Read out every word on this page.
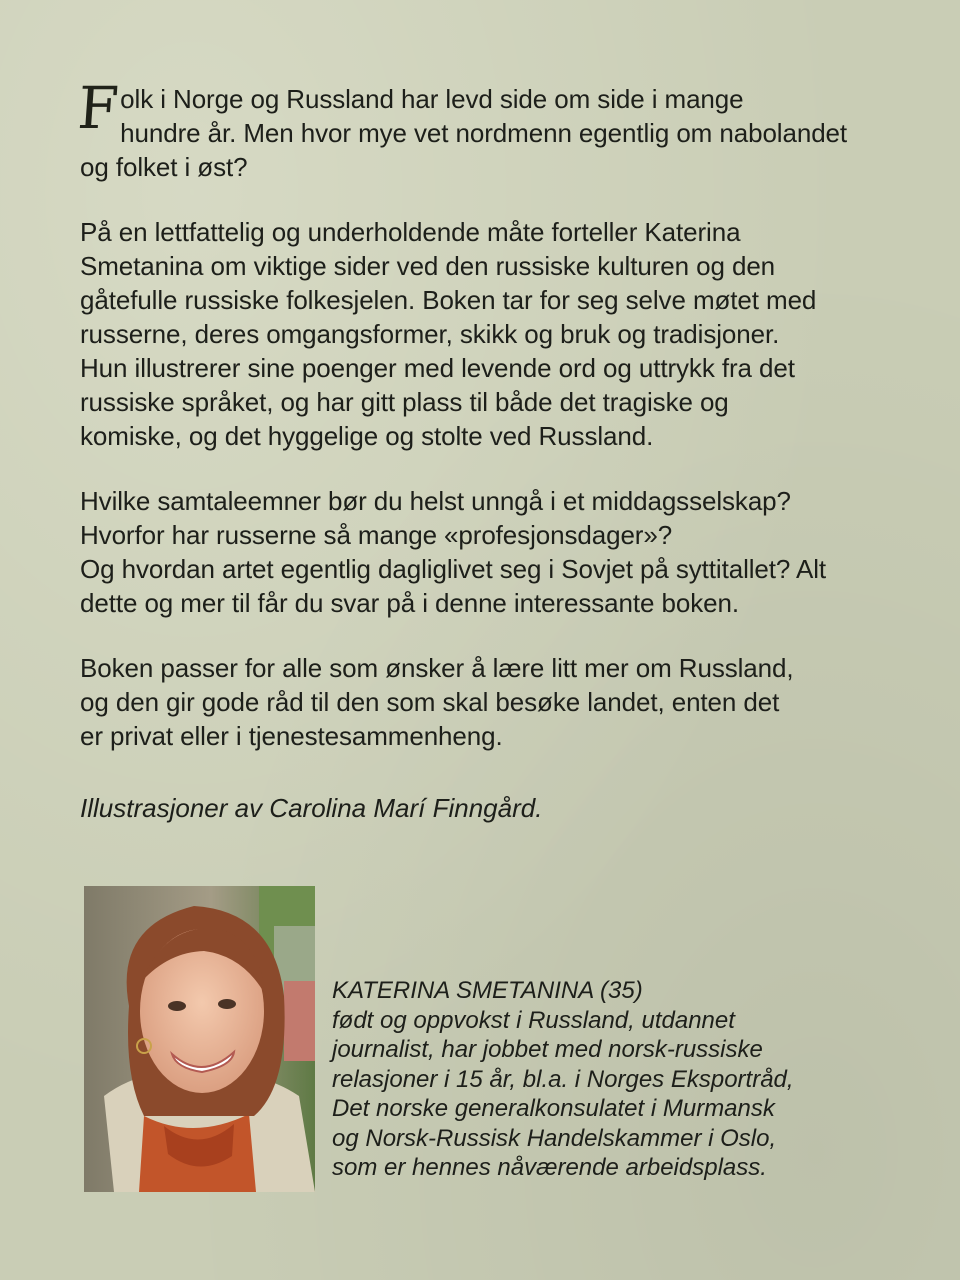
Folk i Norge og Russland har levd side om side i mange
hundre år. Men hvor mye vet nordmenn egentlig om nabolandet
og folket i øst?

På en lettfattelig og underholdende måte forteller Katerina
Smetanina om viktige sider ved den russiske kulturen og den
gåtefulle russiske folkesjelen. Boken tar for seg selve møtet med
russerne, deres omgangsformer, skikk og bruk og tradisjoner.
Hun illustrerer sine poenger med levende ord og uttrykk fra det
russiske språket, og har gitt plass til både det tragiske og
komiske, og det hyggelige og stolte ved Russland.

Hvilke samtaleemner bør du helst unngå i et middagsselskap?
Hvorfor har russerne så mange «profesjonsdager»?
Og hvordan artet egentlig dagliglivet seg i Sovjet på syttitallet? Alt
dette og mer til får du svar på i denne interessante boken.

Boken passer for alle som ønsker å lære litt mer om Russland,
og den gir gode råd til den som skal besøke landet, enten det
er privat eller i tjenestesammenheng.

Illustrasjoner av Carolina Marí Finngård.
KATERINA SMETANINA (35)
født og oppvokst i Russland, utdannet
journalist, har jobbet med norsk-russiske
relasjoner i 15 år, bl.a. i Norges Eksportråd,
Det norske generalkonsulatet i Murmansk
og Norsk-Russisk Handelskammer i Oslo,
som er hennes nåværende arbeidsplass.
